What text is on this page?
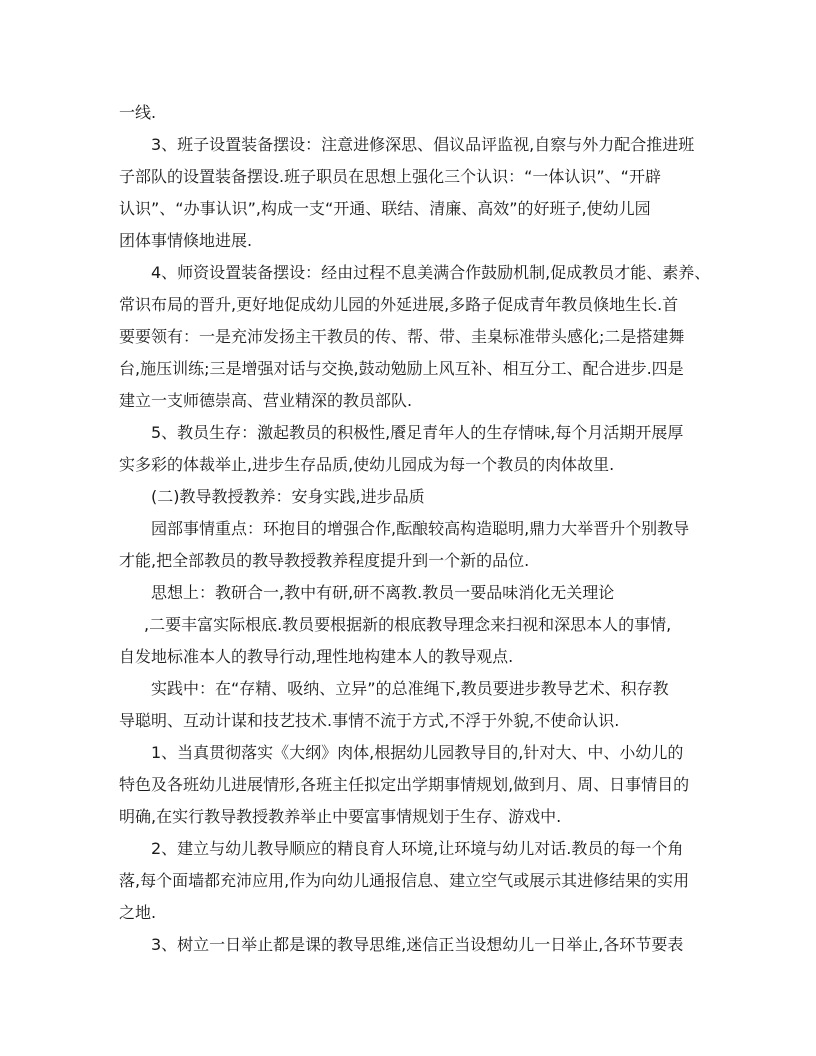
一线.
3、班子设置装备摆设：注意进修深思、倡议品评监视,自察与外力配合推进班
子部队的设置装备摆设.班子职员在思想上强化三个认识：“一体认识”、“开辟
认识”、“办事认识”,构成一支“开通、联结、清廉、高效”的好班子,使幼儿园
团体事情倏地进展.
4、师资设置装备摆设：经由过程不息美满合作鼓励机制,促成教员才能、素养、
常识布局的晋升,更好地促成幼儿园的外延进展,多路子促成青年教员倏地生长.首
要要领有：一是充沛发扬主干教员的传、帮、带、圭臬标准带头感化;二是搭建舞
台,施压训练;三是增强对话与交换,鼓动勉励上风互补、相互分工、配合进步.四是
建立一支师德崇高、营业精深的教员部队.
5、教员生存：激起教员的积极性,餍足青年人的生存情味,每个月活期开展厚
实多彩的体裁举止,进步生存品质,使幼儿园成为每一个教员的肉体故里.
(二)教导教授教养：安身实践,进步品质
园部事情重点：环抱目的增强合作,酝酿较高构造聪明,鼎力大举晋升个别教导
才能,把全部教员的教导教授教养程度提升到一个新的品位.
思想上：教研合一,教中有研,研不离教.教员一要品味消化无关理论
,二要丰富实际根底.教员要根据新的根底教导理念来扫视和深思本人的事情,
自发地标准本人的教导行动,理性地构建本人的教导观点.
实践中：在“存精、吸纳、立异”的总准绳下,教员要进步教导艺术、积存教
导聪明、互动计谋和技艺技术.事情不流于方式,不浮于外貌,不使命认识.
1、当真贯彻落实《大纲》肉体,根据幼儿园教导目的,针对大、中、小幼儿的
特色及各班幼儿进展情形,各班主任拟定出学期事情规划,做到月、周、日事情目的
明确,在实行教导教授教养举止中要富事情规划于生存、游戏中.
2、建立与幼儿教导顺应的精良育人环境,让环境与幼儿对话.教员的每一个角
落,每个面墙都充沛应用,作为向幼儿通报信息、建立空气或展示其进修结果的实用
之地.
3、树立一日举止都是课的教导思维,迷信正当设想幼儿一日举止,各环节要表
